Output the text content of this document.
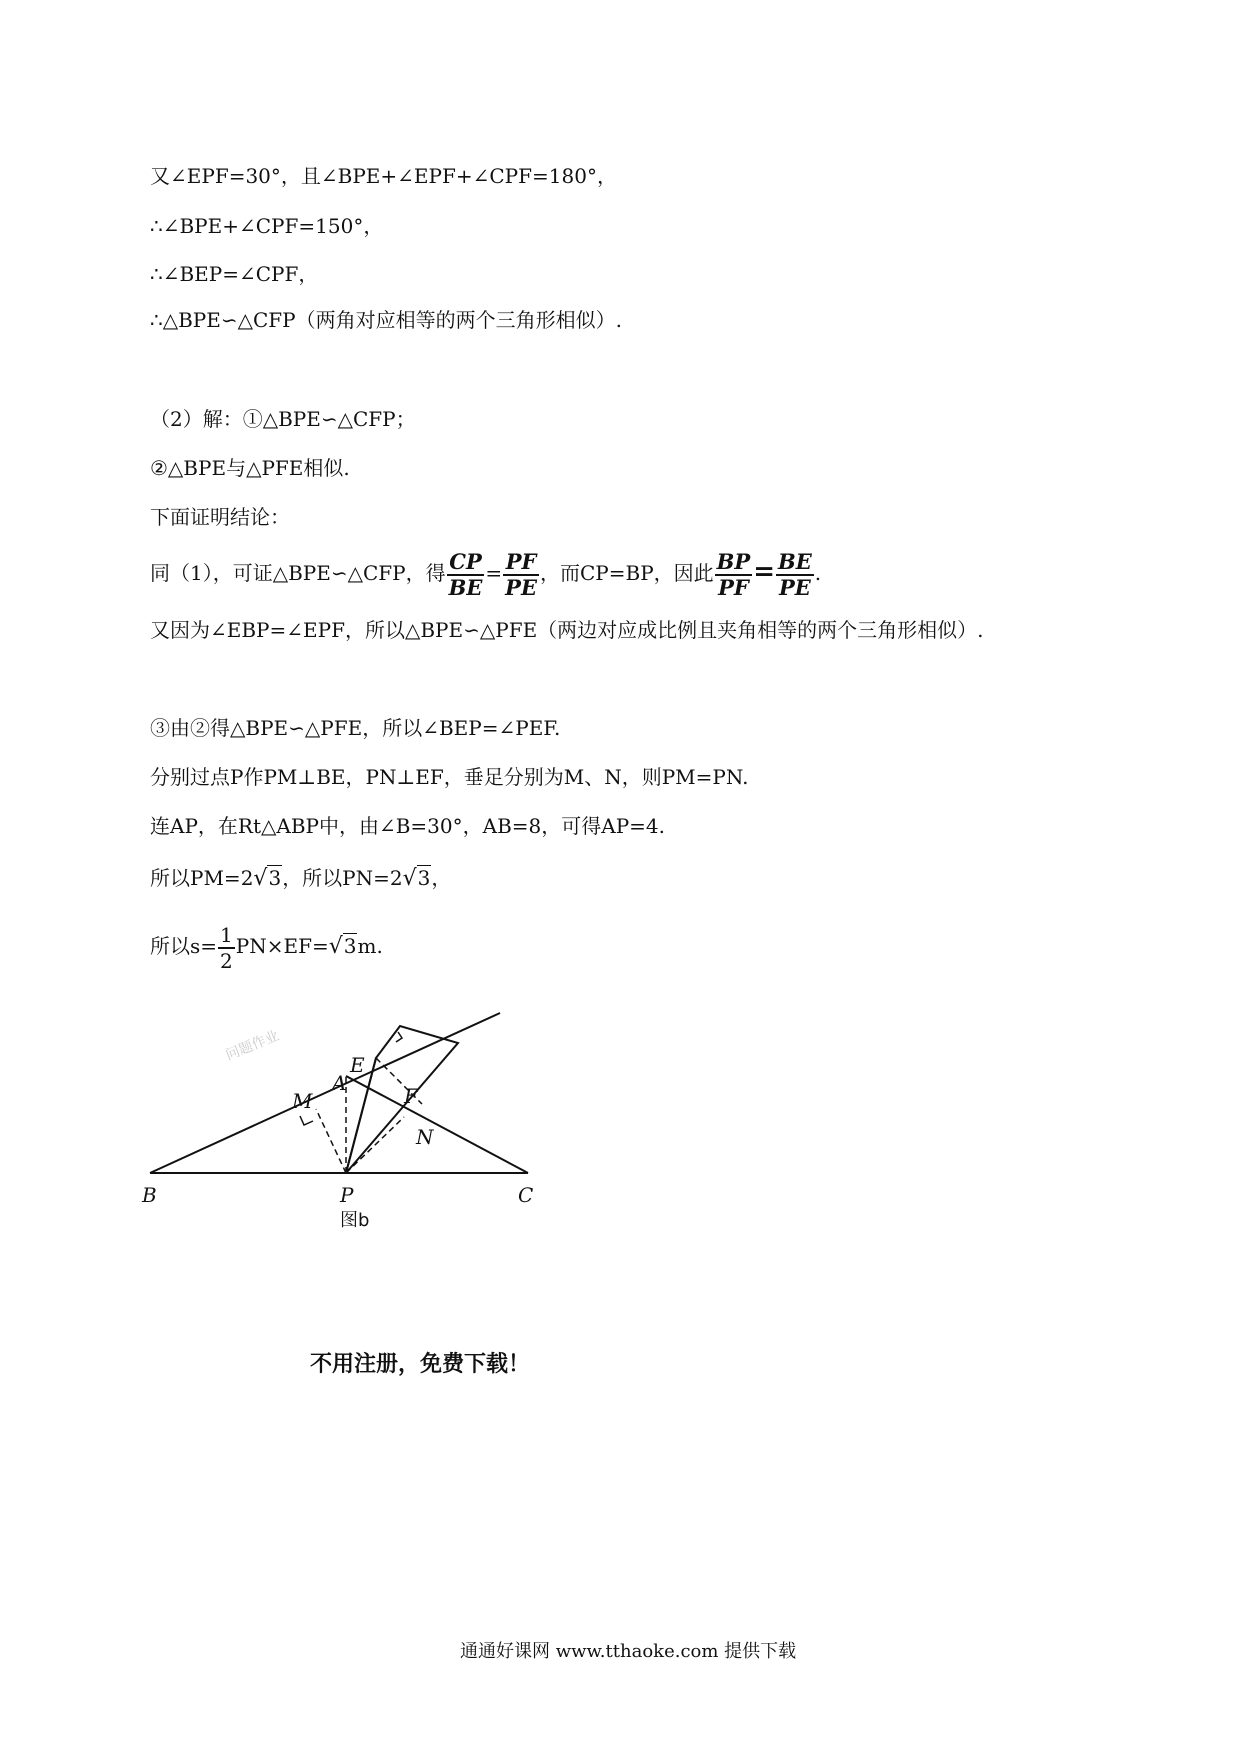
又∠EPF=30°，且∠BPE+∠EPF+∠CPF=180°，
∴∠BPE+∠CPF=150°，
∴∠BEP=∠CPF，
∴△BPE∽△CFP（两角对应相等的两个三角形相似）.
（2）解：①△BPE∽△CFP；
②△BPE与△PFE相似.
下面证明结论：
同（1），可证△BPE∽△CFP，得 $\frac{CP}{BE} = \frac{PF}{PE}$ ，而CP=BP，因此 $\frac{BP}{PF} = \frac{BE}{PE}$ .
又因为∠EBP=∠EPF，所以△BPE∽△PFE（两边对应成比例且夹角相等的两个三角形相似）.
③由②得△BPE∽△PFE，所以∠BEP=∠PEF.
分别过点P作PM⊥BE，PN⊥EF，垂足分别为M、N，则PM=PN.
连AP，在Rt△ABP中，由∠B=30°，AB=8，可得AP=4.
所以PM=2√3，所以PN=2√3，
所以$s= \frac{1}{2} PN\times EF=√3m$.
问题作业
B	P	C
M
A
E
F
N
图b
不用注册，免费下载！
通通好课网 www.tthaoke.com 提供下载
